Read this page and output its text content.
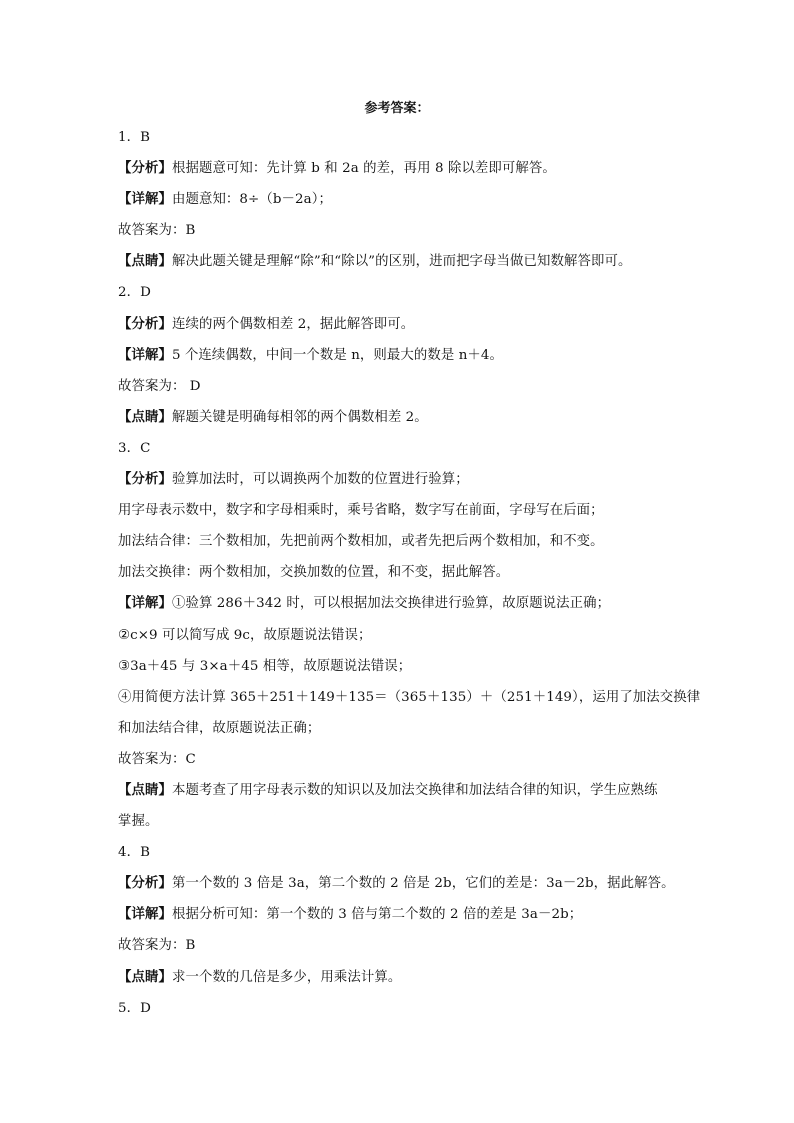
参考答案：
1．B
【分析】根据题意可知：先计算 b 和 2a 的差，再用 8 除以差即可解答。
【详解】由题意知：8÷（b－2a）；
故答案为：B
【点睛】解决此题关键是理解“除”和“除以”的区别，进而把字母当做已知数解答即可。
2．D
【分析】连续的两个偶数相差 2，据此解答即可。
【详解】5 个连续偶数，中间一个数是 n，则最大的数是 n＋4。
故答案为： D
【点睛】解题关键是明确每相邻的两个偶数相差 2。
3．C
【分析】验算加法时，可以调换两个加数的位置进行验算；
用字母表示数中，数字和字母相乘时，乘号省略，数字写在前面，字母写在后面；
加法结合律：三个数相加，先把前两个数相加，或者先把后两个数相加，和不变。
加法交换律：两个数相加，交换加数的位置，和不变，据此解答。
【详解】①验算 286＋342 时，可以根据加法交换律进行验算，故原题说法正确；
②c×9 可以简写成 9c，故原题说法错误；
③3a＋45 与 3×a＋45 相等，故原题说法错误；
④用简便方法计算 365＋251＋149＋135＝（365＋135）＋（251＋149），运用了加法交换律
和加法结合律，故原题说法正确；
故答案为：C
【点睛】本题考查了用字母表示数的知识以及加法交换律和加法结合律的知识，学生应熟练
掌握。
4．B
【分析】第一个数的 3 倍是 3a，第二个数的 2 倍是 2b，它们的差是：3a－2b，据此解答。
【详解】根据分析可知：第一个数的 3 倍与第二个数的 2 倍的差是 3a－2b；
故答案为：B
【点睛】求一个数的几倍是多少，用乘法计算。
5．D
